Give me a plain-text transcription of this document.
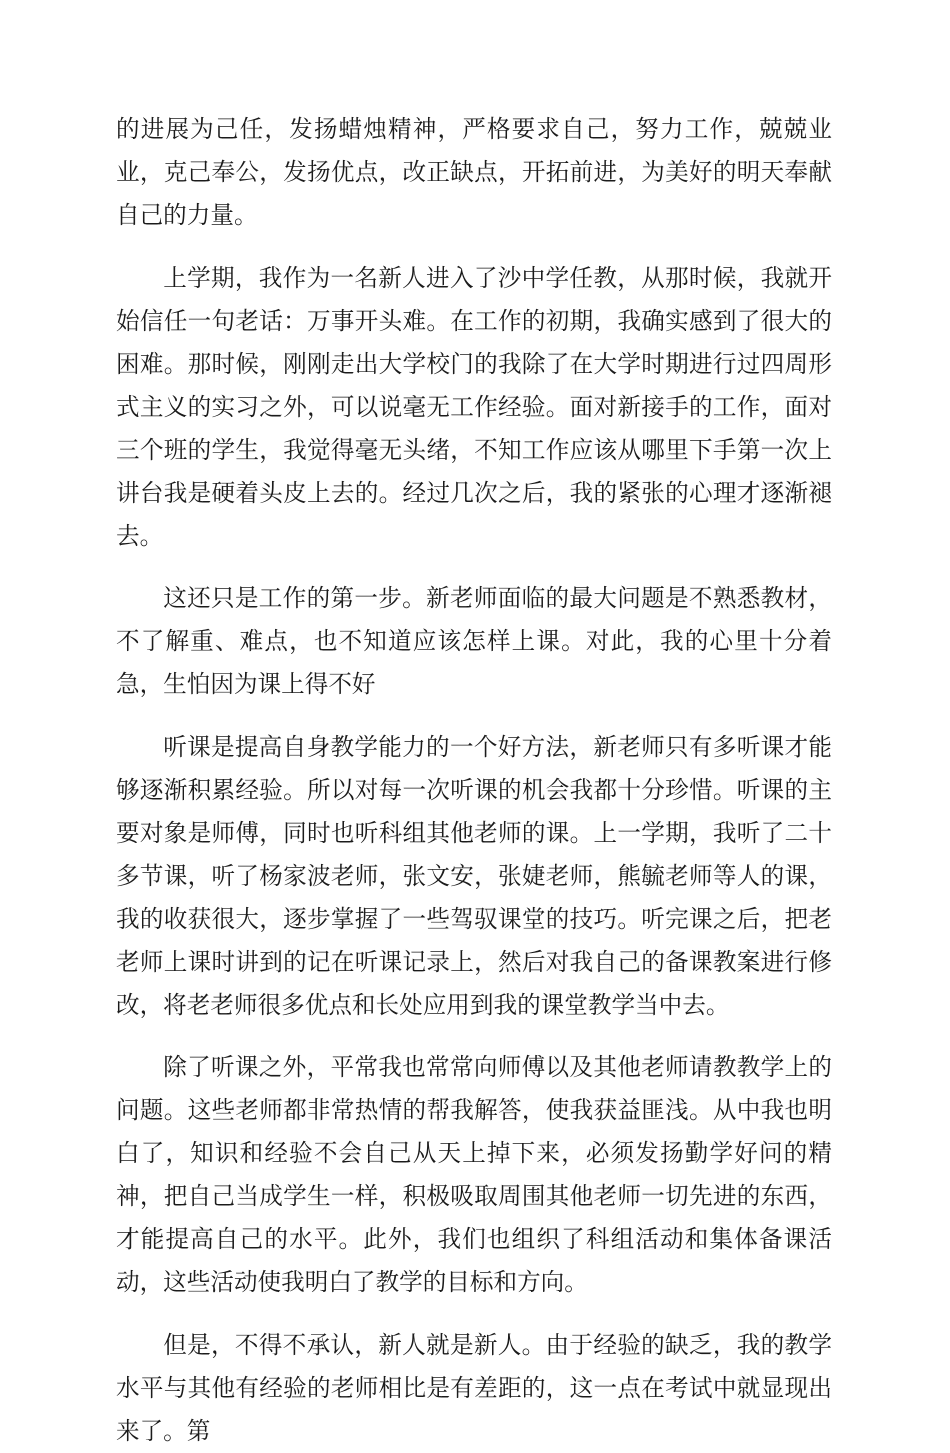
的进展为己任，发扬蜡烛精神，严格要求自己，努力工作，兢兢业业，克己奉公，发扬优点，改正缺点，开拓前进，为美好的明天奉献自己的力量。

上学期，我作为一名新人进入了沙中学任教，从那时候，我就开始信任一句老话：万事开头难。在工作的初期，我确实感到了很大的困难。那时候，刚刚走出大学校门的我除了在大学时期进行过四周形式主义的实习之外，可以说毫无工作经验。面对新接手的工作，面对三个班的学生，我觉得毫无头绪，不知工作应该从哪里下手第一次上讲台我是硬着头皮上去的。经过几次之后，我的紧张的心理才逐渐褪去。

这还只是工作的第一步。新老师面临的最大问题是不熟悉教材，不了解重、难点，也不知道应该怎样上课。对此，我的心里十分着急，生怕因为课上得不好

听课是提高自身教学能力的一个好方法，新老师只有多听课才能够逐渐积累经验。所以对每一次听课的机会我都十分珍惜。听课的主要对象是师傅，同时也听科组其他老师的课。上一学期，我听了二十多节课，听了杨家波老师，张文安，张婕老师，熊毓老师等人的课，我的收获很大，逐步掌握了一些驾驭课堂的技巧。听完课之后，把老老师上课时讲到的记在听课记录上，然后对我自己的备课教案进行修改，将老老师很多优点和长处应用到我的课堂教学当中去。

除了听课之外，平常我也常常向师傅以及其他老师请教教学上的问题。这些老师都非常热情的帮我解答，使我获益匪浅。从中我也明白了，知识和经验不会自己从天上掉下来，必须发扬勤学好问的精神，把自己当成学生一样，积极吸取周围其他老师一切先进的东西，才能提高自己的水平。此外，我们也组织了科组活动和集体备课活动，这些活动使我明白了教学的目标和方向。

但是，不得不承认，新人就是新人。由于经验的缺乏，我的教学水平与其他有经验的老师相比是有差距的，这一点在考试中就显现出来了。第
